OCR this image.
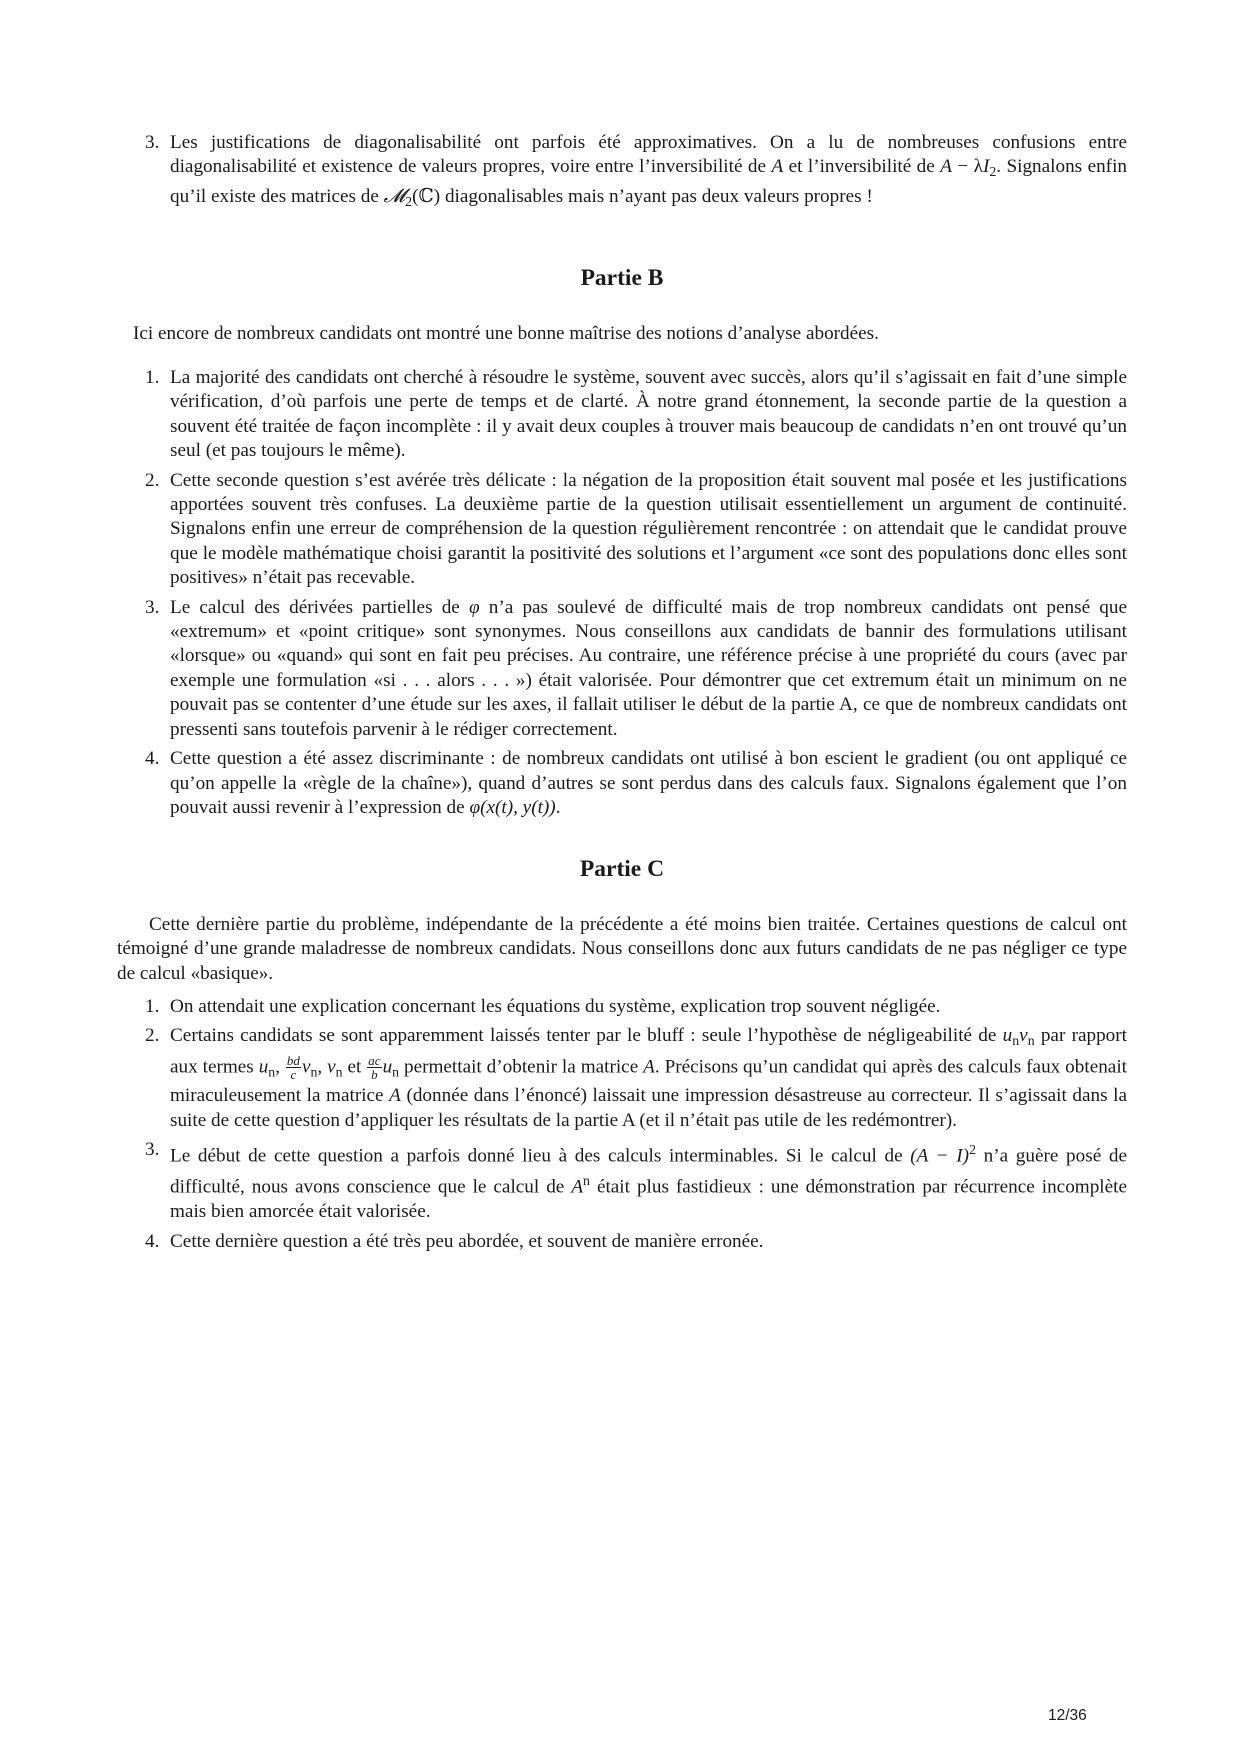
3. Les justifications de diagonalisabilité ont parfois été approximatives. On a lu de nombreuses confusions entre diagonalisabilité et existence de valeurs propres, voire entre l’inversibilité de A et l’inversibilité de $A - \lambda I_2$. Signalons enfin qu’il existe des matrices de 𝓜$_2$(ℂ) diagonalisables mais n’ayant pas deux valeurs propres !
Partie B
Ici encore de nombreux candidats ont montré une bonne maîtrise des notions d’analyse abordées.
1. La majorité des candidats ont cherché à résoudre le système, souvent avec succès, alors qu’il s’agissait en fait d’une simple vérification, d’où parfois une perte de temps et de clarté. À notre grand étonnement, la seconde partie de la question a souvent été traitée de façon incomplète : il y avait deux couples à trouver mais beaucoup de candidats n’en ont trouvé qu’un seul (et pas toujours le même).
2. Cette seconde question s’est avérée très délicate : la négation de la proposition était souvent mal posée et les justifications apportées souvent très confuses. La deuxième partie de la question utilisait essentiellement un argument de continuité. Signalons enfin une erreur de compréhension de la question régulièrement rencontrée : on attendait que le candidat prouve que le modèle mathématique choisi garantit la positivité des solutions et l’argument «ce sont des populations donc elles sont positives» n’était pas recevable.
3. Le calcul des dérivées partielles de φ n’a pas soulevé de difficulté mais de trop nombreux candidats ont pensé que «extremum» et «point critique» sont synonymes. Nous conseillons aux candidats de bannir des formulations utilisant «lorsque» ou «quand» qui sont en fait peu précises. Au contraire, une référence précise à une propriété du cours (avec par exemple une formulation «si . . . alors . . . ») était valorisée. Pour démontrer que cet extremum était un minimum on ne pouvait pas se contenter d’une étude sur les axes, il fallait utiliser le début de la partie A, ce que de nombreux candidats ont pressenti sans toutefois parvenir à le rédiger correctement.
4. Cette question a été assez discriminante : de nombreux candidats ont utilisé à bon escient le gradient (ou ont appliqué ce qu’on appelle la «règle de la chaîne»), quand d’autres se sont perdus dans des calculs faux. Signalons également que l’on pouvait aussi revenir à l’expression de φ(x(t), y(t)).
Partie C
Cette dernière partie du problème, indépendante de la précédente a été moins bien traitée. Certaines questions de calcul ont témoigné d’une grande maladresse de nombreux candidats. Nous conseillons donc aux futurs candidats de ne pas négliger ce type de calcul «basique».
1. On attendait une explication concernant les équations du système, explication trop souvent négligée.
2. Certains candidats se sont apparemment laissés tenter par le bluff : seule l’hypothèse de négligeabilité de $u_nv_n$ par rapport aux termes $u_n$, $\frac{bd}{c} v_n$, $v_n$ et $\frac{ac}{b} u_n$ permettait d’obtenir la matrice A. Précisons qu’un candidat qui après des calculs faux obtenait miraculeusement la matrice A (donnée dans l’énoncé) laissait une impression désastreuse au correcteur. Il s’agissait dans la suite de cette question d’appliquer les résultats de la partie A (et il n’était pas utile de les redémontrer).
3. Le début de cette question a parfois donné lieu à des calculs interminables. Si le calcul de $(A - I)^2$ n’a guère posé de difficulté, nous avons conscience que le calcul de $A^n$ était plus fastidieux : une démonstration par récurrence incomplète mais bien amorcée était valorisée.
4. Cette dernière question a été très peu abordée, et souvent de manière erronée.
12/36
